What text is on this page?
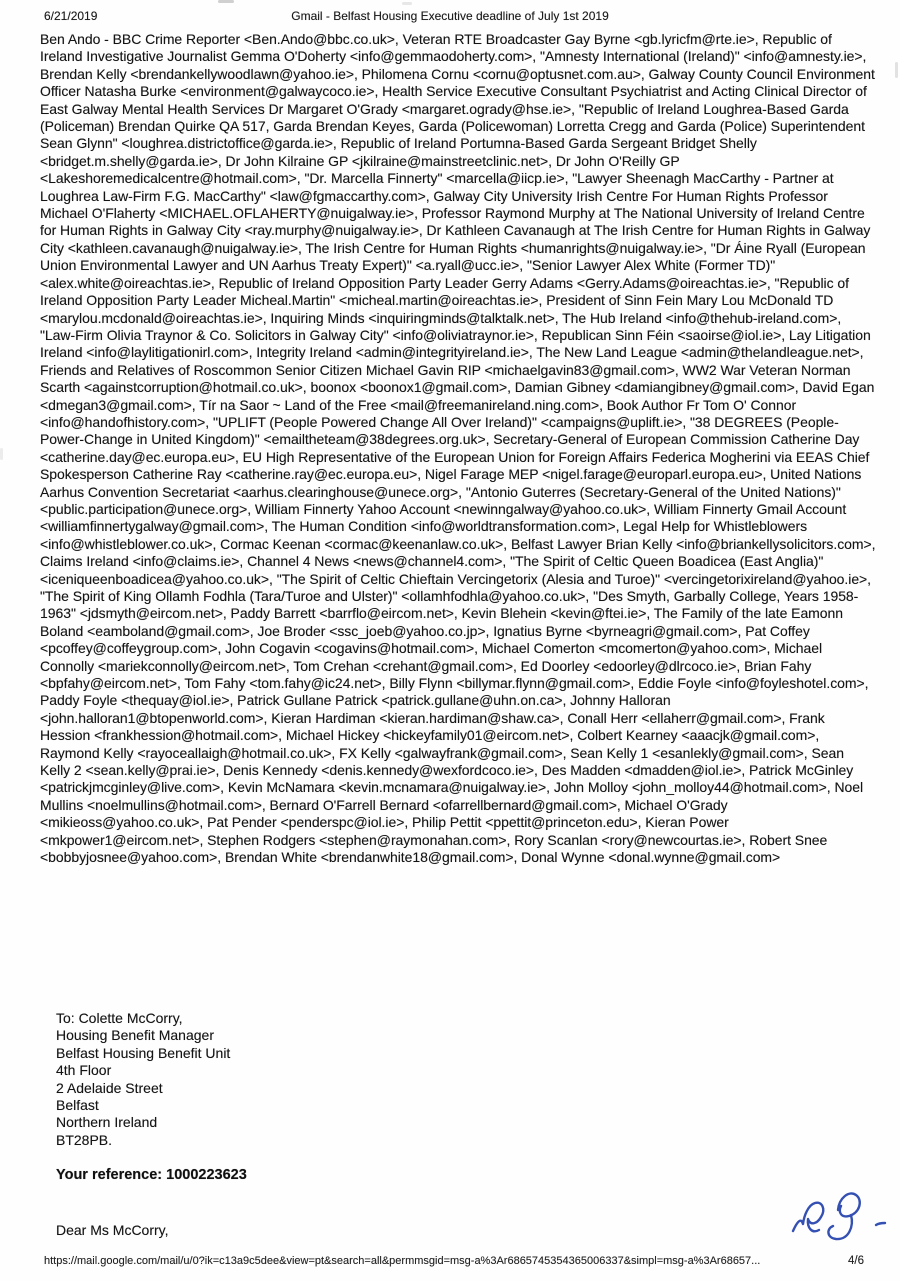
6/21/2019	Gmail - Belfast Housing Executive deadline of July 1st 2019
Ben Ando - BBC Crime Reporter <Ben.Ando@bbc.co.uk>, Veteran RTE Broadcaster Gay Byrne <gb.lyricfm@rte.ie>, Republic of Ireland Investigative Journalist Gemma O'Doherty <info@gemmaodoherty.com>, "Amnesty International (Ireland)" <info@amnesty.ie>, Brendan Kelly <brendankellywoodlawn@yahoo.ie>, Philomena Cornu <cornu@optusnet.com.au>, Galway County Council Environment Officer Natasha Burke <environment@galwaycoco.ie>, Health Service Executive Consultant Psychiatrist and Acting Clinical Director of East Galway Mental Health Services Dr Margaret O'Grady <margaret.ogrady@hse.ie>, "Republic of Ireland Loughrea-Based Garda (Policeman) Brendan Quirke QA 517, Garda Brendan Keyes, Garda (Policewoman) Lorretta Cregg and Garda (Police) Superintendent Sean Glynn" <loughrea.districtoffice@garda.ie>, Republic of Ireland Portumna-Based Garda Sergeant Bridget Shelly <bridget.m.shelly@garda.ie>, Dr John Kilraine GP <jkilraine@mainstreetclinic.net>, Dr John O'Reilly GP <Lakeshoremedicalcentre@hotmail.com>, "Dr. Marcella Finnerty" <marcella@iicp.ie>, "Lawyer Sheenagh MacCarthy - Partner at Loughrea Law-Firm F.G. MacCarthy" <law@fgmaccarthy.com>, Galway City University Irish Centre For Human Rights Professor Michael O'Flaherty <MICHAEL.OFLAHERTY@nuigalway.ie>, Professor Raymond Murphy at The National University of Ireland Centre for Human Rights in Galway City <ray.murphy@nuigalway.ie>, Dr Kathleen Cavanaugh at The Irish Centre for Human Rights in Galway City <kathleen.cavanaugh@nuigalway.ie>, The Irish Centre for Human Rights <humanrights@nuigalway.ie>, "Dr Áine Ryall (European Union Environmental Lawyer and UN Aarhus Treaty Expert)" <a.ryall@ucc.ie>, "Senior Lawyer Alex White (Former TD)" <alex.white@oireachtas.ie>, Republic of Ireland Opposition Party Leader Gerry Adams <Gerry.Adams@oireachtas.ie>, "Republic of Ireland Opposition Party Leader Micheal.Martin" <micheal.martin@oireachtas.ie>, President of Sinn Fein Mary Lou McDonald TD <marylou.mcdonald@oireachtas.ie>, Inquiring Minds <inquiringminds@talktalk.net>, The Hub Ireland <info@thehub-ireland.com>, "Law-Firm Olivia Traynor & Co. Solicitors in Galway City" <info@oliviatraynor.ie>, Republican Sinn Féin <saoirse@iol.ie>, Lay Litigation Ireland <info@laylitigationirl.com>, Integrity Ireland <admin@integrityireland.ie>, The New Land League <admin@thelandleague.net>, Friends and Relatives of Roscommon Senior Citizen Michael Gavin RIP <michaelgavin83@gmail.com>, WW2 War Veteran Norman Scarth <againstcorruption@hotmail.co.uk>, boonox <boonox1@gmail.com>, Damian Gibney <damiangibney@gmail.com>, David Egan <dmegan3@gmail.com>, Tír na Saor ~ Land of the Free <mail@freemanireland.ning.com>, Book Author Fr Tom O' Connor <info@handofhistory.com>, "UPLIFT (People Powered Change All Over Ireland)" <campaigns@uplift.ie>, "38 DEGREES (People-Power-Change in United Kingdom)" <emailtheteam@38degrees.org.uk>, Secretary-General of European Commission Catherine Day <catherine.day@ec.europa.eu>, EU High Representative of the European Union for Foreign Affairs Federica Mogherini via EEAS Chief Spokesperson Catherine Ray <catherine.ray@ec.europa.eu>, Nigel Farage MEP <nigel.farage@europarl.europa.eu>, United Nations Aarhus Convention Secretariat <aarhus.clearinghouse@unece.org>, "Antonio Guterres (Secretary-General of the United Nations)" <public.participation@unece.org>, William Finnerty Yahoo Account <newinngalway@yahoo.co.uk>, William Finnerty Gmail Account <williamfinnertygalway@gmail.com>, The Human Condition <info@worldtransformation.com>, Legal Help for Whistleblowers <info@whistleblower.co.uk>, Cormac Keenan <cormac@keenanlaw.co.uk>, Belfast Lawyer Brian Kelly <info@briankellysolicitors.com>, Claims Ireland <info@claims.ie>, Channel 4 News <news@channel4.com>, "The Spirit of Celtic Queen Boadicea (East Anglia)" <iceniqueenboadicea@yahoo.co.uk>, "The Spirit of Celtic Chieftain Vercingetorix (Alesia and Turoe)" <vercingetorixireland@yahoo.ie>, "The Spirit of King Ollamh Fodhla (Tara/Turoe and Ulster)" <ollamhfodhla@yahoo.co.uk>, "Des Smyth, Garbally College, Years 1958-1963" <jdsmyth@eircom.net>, Paddy Barrett <barrflo@eircom.net>, Kevin Blehein <kevin@ftei.ie>, The Family of the late Eamonn Boland <eamboland@gmail.com>, Joe Broder <ssc_joeb@yahoo.co.jp>, Ignatius Byrne <byrneagri@gmail.com>, Pat Coffey <pcoffey@coffeygroup.com>, John Cogavin <cogavins@hotmail.com>, Michael Comerton <mcomerton@yahoo.com>, Michael Connolly <mariekconnolly@eircom.net>, Tom Crehan <crehant@gmail.com>, Ed Doorley <edoorley@dlrcoco.ie>, Brian Fahy <bpfahy@eircom.net>, Tom Fahy <tom.fahy@ic24.net>, Billy Flynn <billymar.flynn@gmail.com>, Eddie Foyle <info@foyleshotel.com>, Paddy Foyle <thequay@iol.ie>, Patrick Gullane Patrick <patrick.gullane@uhn.on.ca>, Johnny Halloran <john.halloran1@btopenworld.com>, Kieran Hardiman <kieran.hardiman@shaw.ca>, Conall Herr <ellaherr@gmail.com>, Frank Hession <frankhession@hotmail.com>, Michael Hickey <hickeyfamily01@eircom.net>, Colbert Kearney <aaacjk@gmail.com>, Raymond Kelly <rayoceallaigh@hotmail.co.uk>, FX Kelly <galwayfrank@gmail.com>, Sean Kelly 1 <esanlekly@gmail.com>, Sean Kelly 2 <sean.kelly@prai.ie>, Denis Kennedy <denis.kennedy@wexfordcoco.ie>, Des Madden <dmadden@iol.ie>, Patrick McGinley <patrickjmcginley@live.com>, Kevin McNamara <kevin.mcnamara@nuigalway.ie>, John Molloy <john_molloy44@hotmail.com>, Noel Mullins <noelmullins@hotmail.com>, Bernard O'Farrell Bernard <ofarrellbernard@gmail.com>, Michael O'Grady <mikieoss@yahoo.co.uk>, Pat Pender <penderspc@iol.ie>, Philip Pettit <ppettit@princeton.edu>, Kieran Power <mkpower1@eircom.net>, Stephen Rodgers <stephen@raymonahan.com>, Rory Scanlan <rory@newcourtas.ie>, Robert Snee <bobbyjosnee@yahoo.com>, Brendan White <brendanwhite18@gmail.com>, Donal Wynne <donal.wynne@gmail.com>
To: Colette McCorry,
Housing Benefit Manager
Belfast Housing Benefit Unit
4th Floor
2 Adelaide Street
Belfast
Northern Ireland
BT28PB.
Your reference: 1000223623
Dear Ms McCorry,
https://mail.google.com/mail/u/0?ik=c13a9c5dee&view=pt&search=all&permmsgid=msg-a%3Ar6865745354365006337&simpl=msg-a%3Ar68657...	4/6
